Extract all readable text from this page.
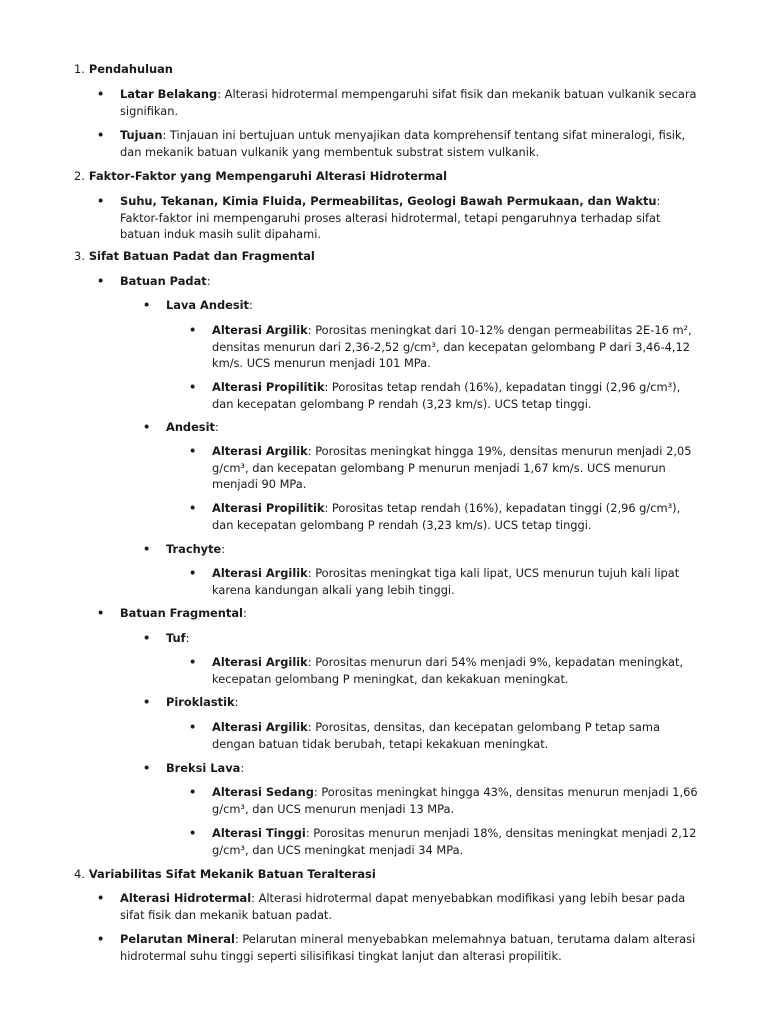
1. Pendahuluan
• Latar Belakang: Alterasi hidrotermal mempengaruhi sifat fisik dan mekanik batuan vulkanik secara signifikan.
• Tujuan: Tinjauan ini bertujuan untuk menyajikan data komprehensif tentang sifat mineralogi, fisik, dan mekanik batuan vulkanik yang membentuk substrat sistem vulkanik.
2. Faktor-Faktor yang Mempengaruhi Alterasi Hidrotermal
• Suhu, Tekanan, Kimia Fluida, Permeabilitas, Geologi Bawah Permukaan, dan Waktu: Faktor-faktor ini mempengaruhi proses alterasi hidrotermal, tetapi pengaruhnya terhadap sifat batuan induk masih sulit dipahami.
3. Sifat Batuan Padat dan Fragmental
• Batuan Padat:
• Lava Andesit:
• Alterasi Argilik: Porositas meningkat dari 10-12% dengan permeabilitas 2E-16 m², densitas menurun dari 2,36-2,52 g/cm³, dan kecepatan gelombang P dari 3,46-4,12 km/s. UCS menurun menjadi 101 MPa.
• Alterasi Propilitik: Porositas tetap rendah (16%), kepadatan tinggi (2,96 g/cm³), dan kecepatan gelombang P rendah (3,23 km/s). UCS tetap tinggi.
• Andesit:
• Alterasi Argilik: Porositas meningkat hingga 19%, densitas menurun menjadi 2,05 g/cm³, dan kecepatan gelombang P menurun menjadi 1,67 km/s. UCS menurun menjadi 90 MPa.
• Alterasi Propilitik: Porositas tetap rendah (16%), kepadatan tinggi (2,96 g/cm³), dan kecepatan gelombang P rendah (3,23 km/s). UCS tetap tinggi.
• Trachyte:
• Alterasi Argilik: Porositas meningkat tiga kali lipat, UCS menurun tujuh kali lipat karena kandungan alkali yang lebih tinggi.
• Batuan Fragmental:
• Tuf:
• Alterasi Argilik: Porositas menurun dari 54% menjadi 9%, kepadatan meningkat, kecepatan gelombang P meningkat, dan kekakuan meningkat.
• Piroklastik:
• Alterasi Argilik: Porositas, densitas, dan kecepatan gelombang P tetap sama dengan batuan tidak berubah, tetapi kekakuan meningkat.
• Breksi Lava:
• Alterasi Sedang: Porositas meningkat hingga 43%, densitas menurun menjadi 1,66 g/cm³, dan UCS menurun menjadi 13 MPa.
• Alterasi Tinggi: Porositas menurun menjadi 18%, densitas meningkat menjadi 2,12 g/cm³, dan UCS meningkat menjadi 34 MPa.
4. Variabilitas Sifat Mekanik Batuan Teralterasi
• Alterasi Hidrotermal: Alterasi hidrotermal dapat menyebabkan modifikasi yang lebih besar pada sifat fisik dan mekanik batuan padat.
• Pelarutan Mineral: Pelarutan mineral menyebabkan melemahnya batuan, terutama dalam alterasi hidrotermal suhu tinggi seperti silisifikasi tingkat lanjut dan alterasi propilitik.
